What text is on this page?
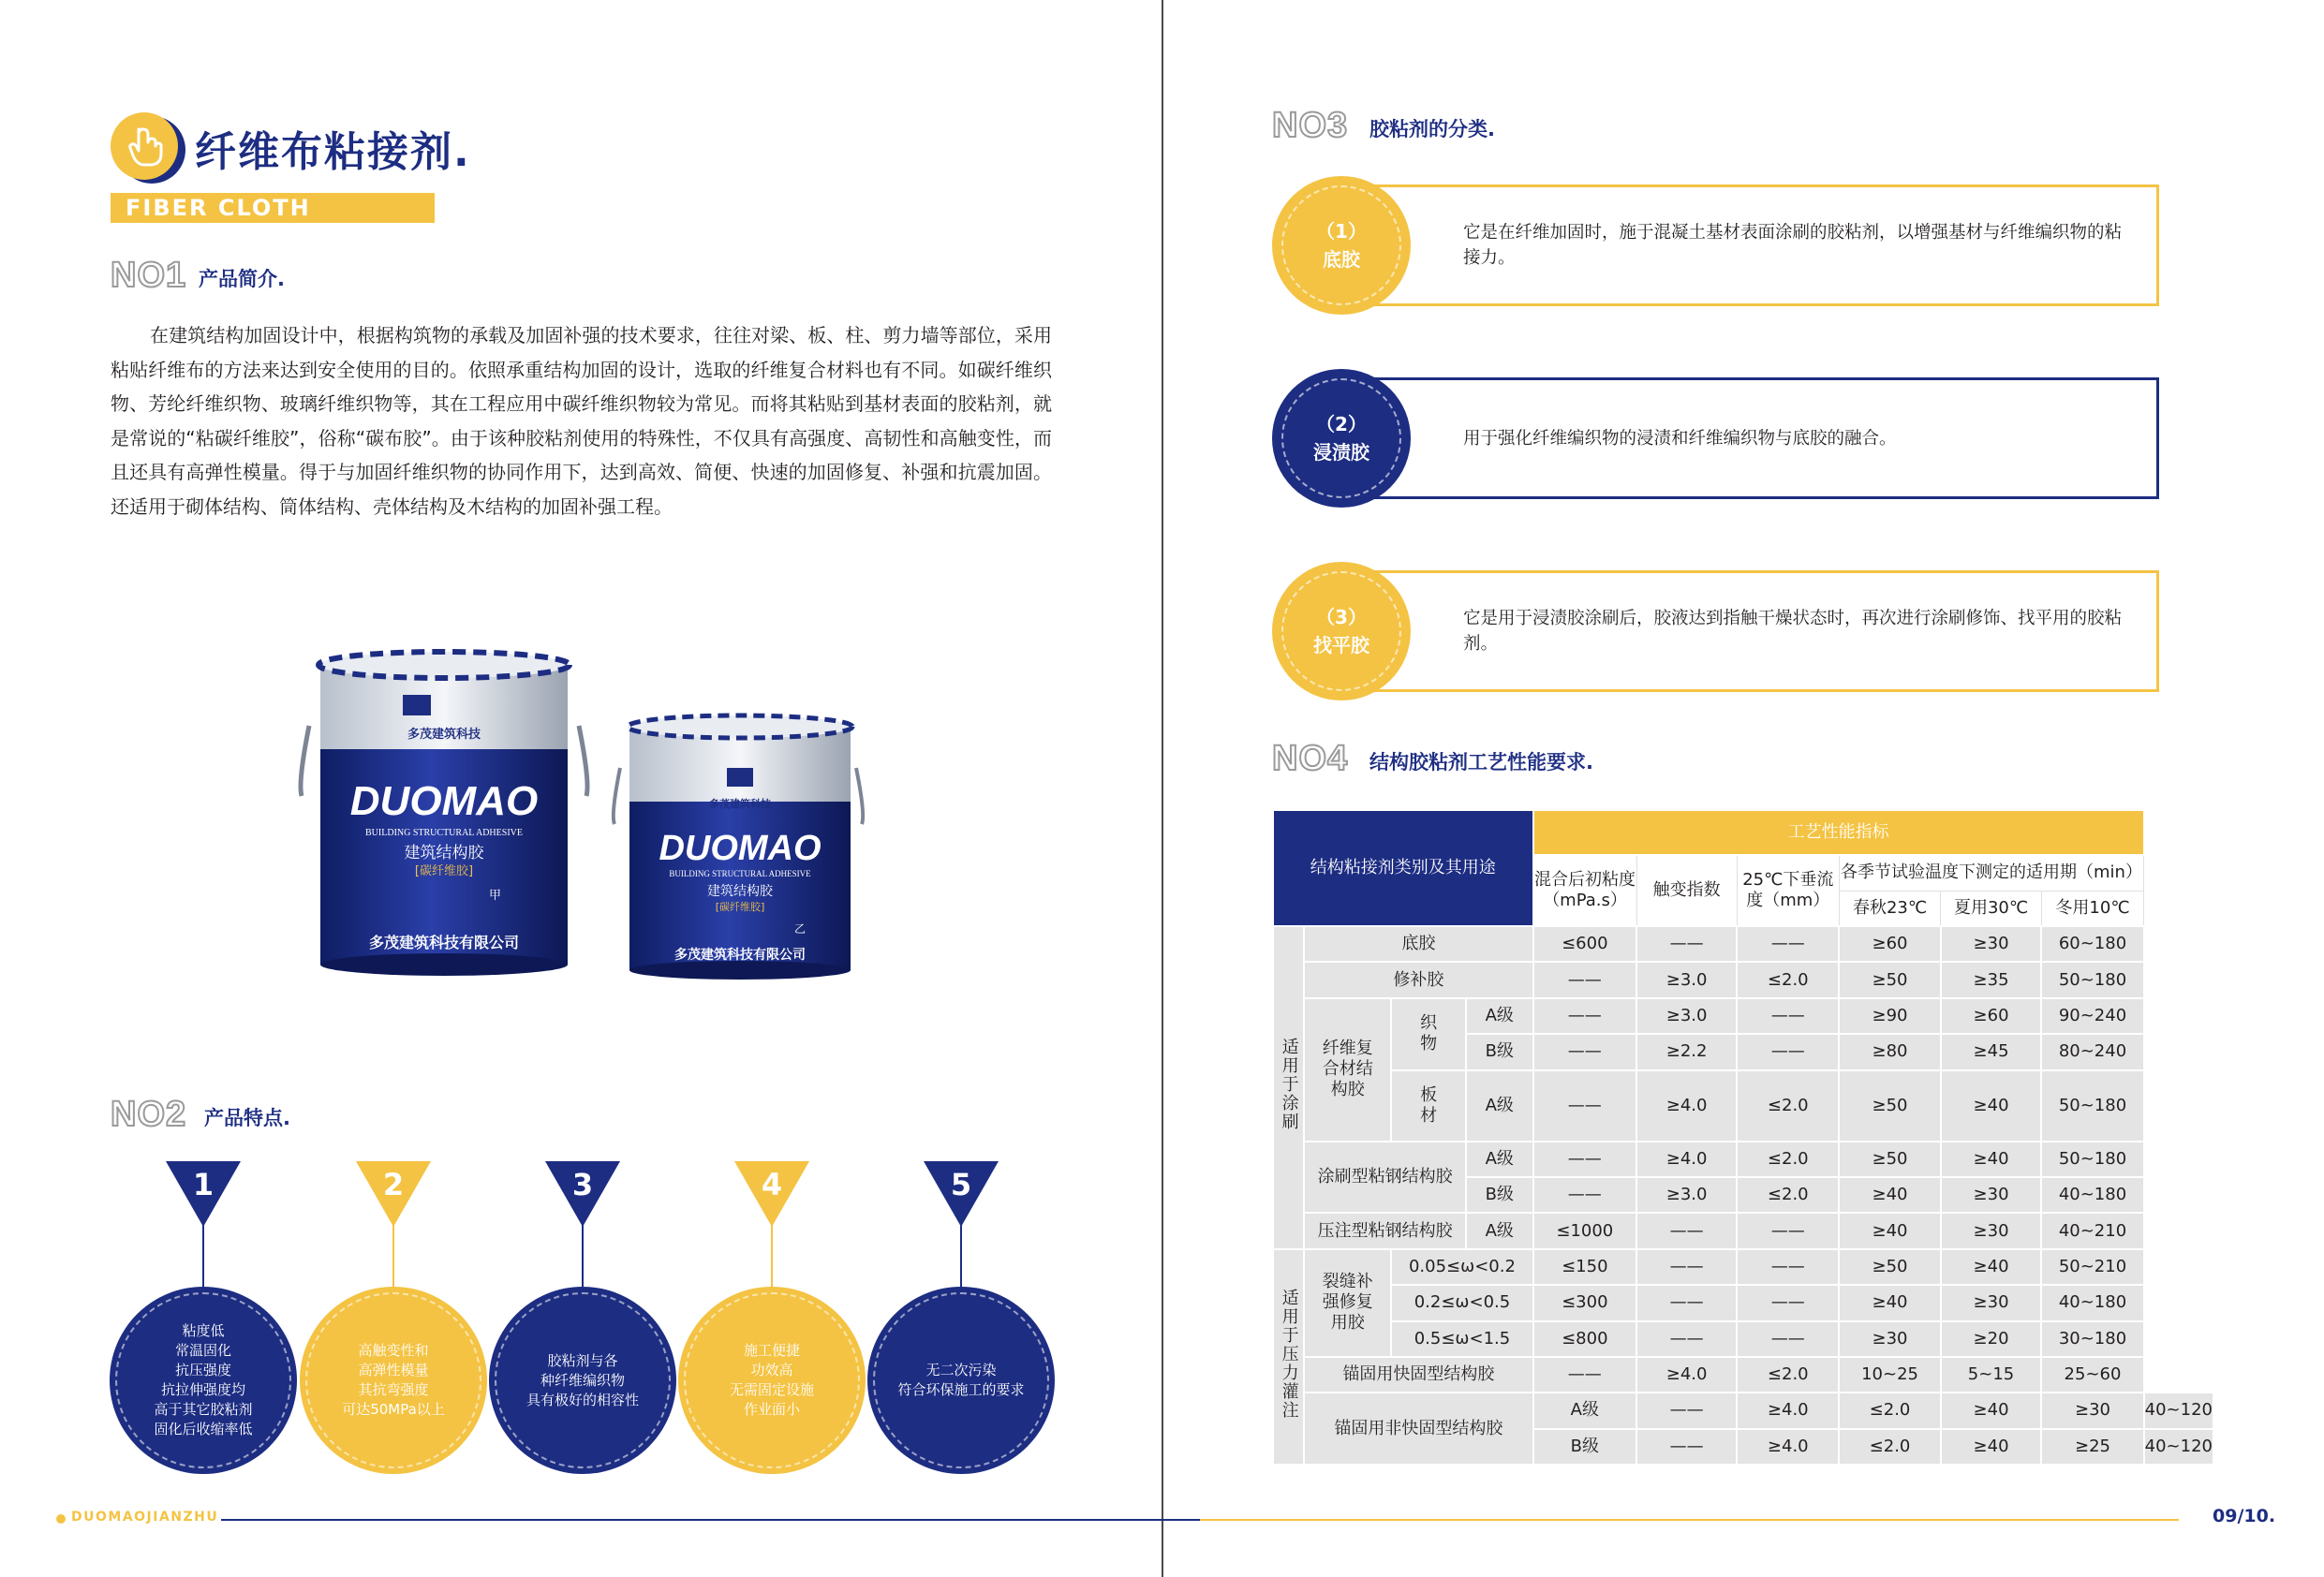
纤维布粘接剂.
FIBER CLOTH ADHESIVE
NO1 产品简介.
在建筑结构加固设计中，根据构筑物的承载及加固补强的技术要求，往往对梁、板、柱、剪力墙等部位，采用粘贴纤维布的方法来达到安全使用的目的。依照承重结构加固的设计，选取的纤维复合材料也有不同。如碳纤维织物、芳纶纤维织物、玻璃纤维织物等，其在工程应用中碳纤维织物较为常见。而将其粘贴到基材表面的胶粘剂，就是常说的“粘碳纤维胶”，俗称“碳布胶”。由于该种胶粘剂使用的特殊性，不仅具有高强度、高韧性和高触变性，而且还具有高弹性模量。得于与加固纤维织物的协同作用下，达到高效、简便、快速的加固修复、补强和抗震加固。还适用于砌体结构、筒体结构、壳体结构及木结构的加固补强工程。
DUOMAO
多茂建筑科技
BUILDING STRUCTURAL ADHESIVE
建筑结构胶
[碳纤维胶]
甲
多茂建筑科技有限公司
DUOMAO
多茂建筑科技
BUILDING STRUCTURAL ADHESIVE
建筑结构胶
[碳纤维胶]
乙
多茂建筑科技有限公司
NO2 产品特点.
1
粘度低
常温固化
抗压强度
抗拉伸强度均
高于其它胶粘剂
固化后收缩率低
2
高触变性和
高弹性模量
其抗弯强度
可达50MPa以上
3
胶粘剂与各
种纤维编织物
具有极好的相容性
4
施工便捷
功效高
无需固定设施
作业面小
5
无二次污染
符合环保施工的要求
NO3 胶粘剂的分类.

它是在纤维加固时，施于混凝土基材表面涂刷的胶粘剂，以增强基材与纤维编织物的粘接力。

（1）
底胶

用于强化纤维编织物的浸渍和纤维编织物与底胶的融合。

（2）
浸渍胶

它是用于浸渍胶涂刷后，胶液达到指触干燥状态时，再次进行涂刷修饰、找平用的胶粘剂。

（3）
找平胶
NO4 结构胶粘剂工艺性能要求.
结构粘接剂类别及其用途				工艺性能指标						
				混合后初粘度（mPa.s）	触变指数	25℃下垂流度（mm）	各季节试验温度下测定的适用期（min）			
							春秋23℃	夏用30℃	冬用10℃	
适用于涂刷	底胶			≤600	——	——	≥60	≥30	60~180	
	修补胶			——	≥3.0	≤2.0	≥50	≥35	50~180	
	纤维复合材结构胶	织物	A级	——	≥3.0	——	≥90	≥60	90~240	
			B级	——	≥2.2	——	≥80	≥45	80~240	
		板材	A级	——	≥4.0	≤2.0	≥50	≥40	50~180	
	涂刷型粘钢结构胶		A级	——	≥4.0	≤2.0	≥50	≥40	50~180	
			B级	——	≥3.0	≤2.0	≥40	≥30	40~180	
	压注型粘钢结构胶		A级	≤1000	——	——	≥40	≥30	40~210	
适用于压力灌注	裂缝补强修复用胶	0.05≤ω<0.2		≤150	——	——	≥50	≥40	50~210	
		0.2≤ω<0.5		≤300	——	——	≥40	≥30	40~180	
		0.5≤ω<1.5		≤800	——	——	≥30	≥20	30~180	
	锚固用快固型结构胶			——	≥4.0	≤2.0	10~25	5~15	25~60	
	锚固用非快固型结构胶			A级	——	≥4.0	≤2.0	≥40	≥30	40~120
				B级	——	≥4.0	≤2.0	≥40	≥25	40~120
DUOMAOJIANZHU	09/10.
